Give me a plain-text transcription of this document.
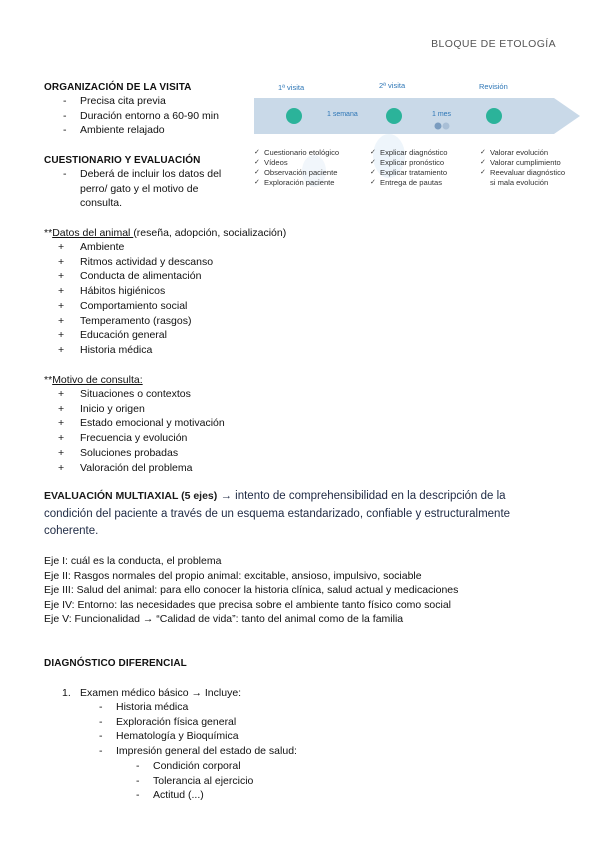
BLOQUE DE ETOLOGÍA
ORGANIZACIÓN DE LA VISITA
- Precisa cita previa
- Duración entorno a 60-90 min
- Ambiente relajado
CUESTIONARIO Y EVALUACIÓN
- Deberá de incluir los datos del
perro/ gato y el motivo de
consulta.
**Datos del animal (reseña, adopción, socialización)
+ Ambiente
+ Ritmos actividad y descanso
+ Conducta de alimentación
+ Hábitos higiénicos
+ Comportamiento social
+ Temperamento (rasgos)
+ Educación general
+ Historia médica
**Motivo de consulta:
+ Situaciones o contextos
+ Inicio y origen
+ Estado emocional y motivación
+ Frecuencia y evolución
+ Soluciones probadas
+ Valoración del problema
EVALUACIÓN MULTIAXIAL (5 ejes) → intento de comprehensibilidad en la descripción de la
condición del paciente a través de un esquema estandarizado, confiable y estructuralmente
coherente.
Eje I: cuál es la conducta, el problema
Eje II: Rasgos normales del propio animal: excitable, ansioso, impulsivo, sociable
Eje III: Salud del animal: para ello conocer la historia clínica, salud actual y medicaciones
Eje IV: Entorno: las necesidades que precisa sobre el ambiente tanto físico como social
Eje V: Funcionalidad → “Calidad de vida”: tanto del animal como de la familia
DIAGNÓSTICO DIFERENCIAL
1. Examen médico básico → Incluye:
- Historia médica
- Exploración física general
- Hematología y Bioquímica
- Impresión general del estado de salud:
- Condición corporal
- Tolerancia al ejercicio
- Actitud (...)
1ª visita	2ª visita	Revisión
1 semana	1 mes
✓ Cuestionario etológico
✓ Vídeos
✓ Observación paciente
✓ Exploración paciente
✓ Explicar diagnóstico
✓ Explicar pronóstico
✓ Explicar tratamiento
✓ Entrega de pautas
✓ Valorar evolución
✓ Valorar cumplimiento
✓ Reevaluar diagnóstico
si mala evolución
